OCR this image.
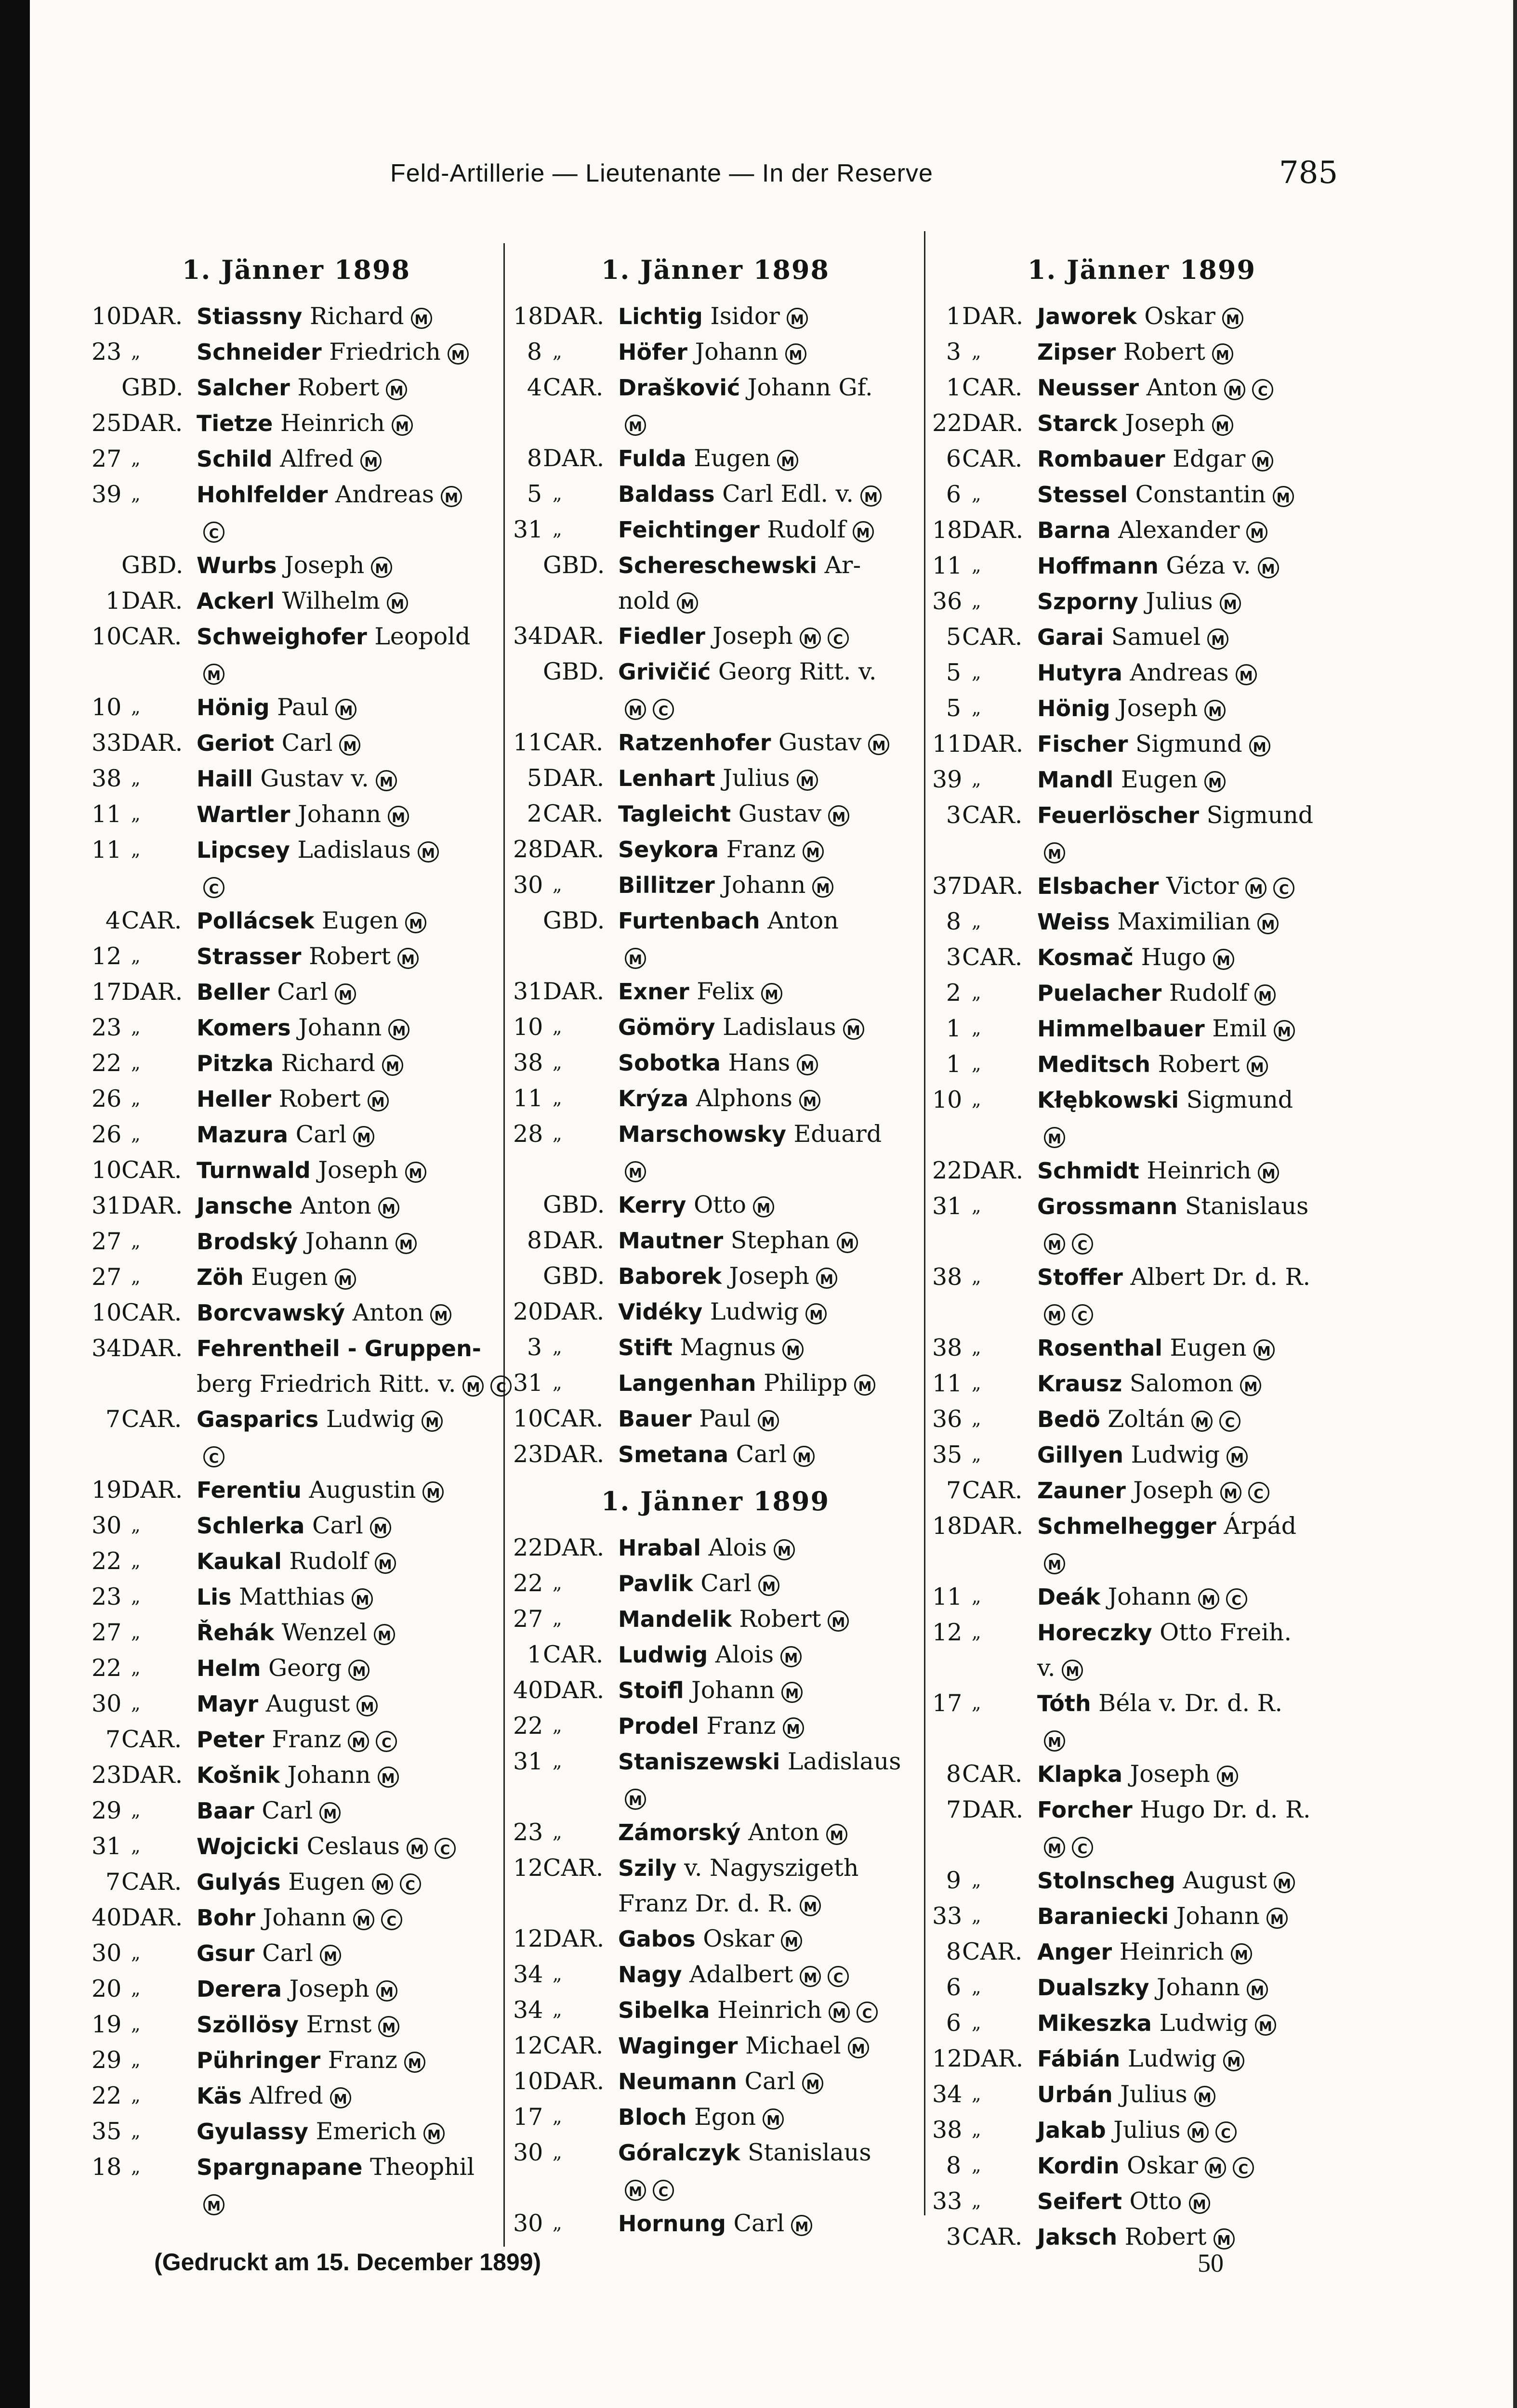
Feld-Artillerie — Lieutenante — In der Reserve	785
1. Jänner 1898
10 DAR. Stiassny Richard M
23 „	Schneider Friedrich M
GBD. Salcher Robert M
25 DAR. Tietze Heinrich M
27 „	Schild Alfred M
39 „	Hohlfelder Andreas M
C
GBD. Wurbs Joseph M
1 DAR. Ackerl Wilhelm M
10 CAR. Schweighofer Leopold
M
10 „	Hönig Paul M
33 DAR. Geriot Carl M
38 „	Haill Gustav v. M
11 „	Wartler Johann M
11 „	Lipcsey Ladislaus M
C
4 CAR. Pollácsek Eugen M
12 „	Strasser Robert M
17 DAR. Beller Carl M
23 „	Komers Johann M
22 „	Pitzka Richard M
26 „	Heller Robert M
26 „	Mazura Carl M
10 CAR. Turnwald Joseph M
31 DAR. Jansche Anton M
27 „	Brodský Johann M
27 „	Zöh Eugen M
10 CAR. Borcvawský Anton M
34 DAR. Fehrentheil - Gruppen-
berg Friedrich Ritt. v. M C
7 CAR. Gasparics Ludwig M
C
19 DAR. Ferentiu Augustin M
30 „	Schlerka Carl M
22 „	Kaukal Rudolf M
23 „	Lis Matthias M
27 „	Řehák Wenzel M
22 „	Helm Georg M
30 „	Mayr August M
7 CAR. Peter Franz M C
23 DAR. Košnik Johann M
29 „	Baar Carl M
31 „	Wojcicki Ceslaus M C
7 CAR. Gulyás Eugen M C
40 DAR. Bohr Johann M C
30 „	Gsur Carl M
20 „	Derera Joseph M
19 „	Szöllösy Ernst M
29 „	Pühringer Franz M
22 „	Käs Alfred M
35 „	Gyulassy Emerich M
18 „	Spargnapane Theophil
M
1. Jänner 1898
18 DAR. Lichtig Isidor M
8 „	Höfer Johann M
4 CAR. Drašković Johann Gf.
M
8 DAR. Fulda Eugen M
5 „	Baldass Carl Edl. v. M
31 „	Feichtinger Rudolf M
GBD. Schereschewski Ar-
nold M
34 DAR. Fiedler Joseph M C
GBD. Grivičić Georg Ritt. v.
M C
11 CAR. Ratzenhofer Gustav M
5 DAR. Lenhart Julius M
2 CAR. Tagleicht Gustav M
28 DAR. Seykora Franz M
30 „	Billitzer Johann M
GBD. Furtenbach Anton
M
31 DAR. Exner Felix M
10 „	Gömöry Ladislaus M
38 „	Sobotka Hans M
11 „	Krýza Alphons M
28 „	Marschowsky Eduard
M
GBD. Kerry Otto M
8 DAR. Mautner Stephan M
GBD. Baborek Joseph M
20 DAR. Vidéky Ludwig M
3 „	Stift Magnus M
31 „	Langenhan Philipp M
10 CAR. Bauer Paul M
23 DAR. Smetana Carl M
1. Jänner 1899
22 DAR. Hrabal Alois M
22 „	Pavlik Carl M
27 „	Mandelik Robert M
1 CAR. Ludwig Alois M
40 DAR. Stoifl Johann M
22 „	Prodel Franz M
31 „	Staniszewski Ladislaus
M
23 „	Zámorský Anton M
12 CAR. Szily v. Nagyszigeth
Franz Dr. d. R. M
12 DAR. Gabos Oskar M
34 „	Nagy Adalbert M C
34 „	Sibelka Heinrich M C
12 CAR. Waginger Michael M
10 DAR. Neumann Carl M
17 „	Bloch Egon M
30 „	Góralczyk Stanislaus
M C
30 „	Hornung Carl M
1. Jänner 1899
1 DAR. Jaworek Oskar M
3 „	Zipser Robert M
1 CAR. Neusser Anton M C
22 DAR. Starck Joseph M
6 CAR. Rombauer Edgar M
6 „	Stessel Constantin M
18 DAR. Barna Alexander M
11 „	Hoffmann Géza v. M
36 „	Szporny Julius M
5 CAR. Garai Samuel M
5 „	Hutyra Andreas M
5 „	Hönig Joseph M
11 DAR. Fischer Sigmund M
39 „	Mandl Eugen M
3 CAR. Feuerlöscher Sigmund
M
37 DAR. Elsbacher Victor M C
8 „	Weiss Maximilian M
3 CAR. Kosmač Hugo M
2 „	Puelacher Rudolf M
1 „	Himmelbauer Emil M
1 „	Meditsch Robert M
10 „	Kłębkowski Sigmund
M
22 DAR. Schmidt Heinrich M
31 „	Grossmann Stanislaus
M C
38 „	Stoffer Albert Dr. d. R.
M C
38 „	Rosenthal Eugen M
11 „	Krausz Salomon M
36 „	Bedö Zoltán M C
35 „	Gillyen Ludwig M
7 CAR. Zauner Joseph M C
18 DAR. Schmelhegger Árpád
M
11 „	Deák Johann M C
12 „	Horeczky Otto Freih.
v. M
17 „	Tóth Béla v. Dr. d. R.
M
8 CAR. Klapka Joseph M
7 DAR. Forcher Hugo Dr. d. R.
M C
9 „	Stolnscheg August M
33 „	Baraniecki Johann M
8 CAR. Anger Heinrich M
6 „	Dualszky Johann M
6 „	Mikeszka Ludwig M
12 DAR. Fábián Ludwig M
34 „	Urbán Julius M
38 „	Jakab Julius M C
8 „	Kordin Oskar M C
33 „	Seifert Otto M
3 CAR. Jaksch Robert M
(Gedruckt am 15. December 1899)	50
